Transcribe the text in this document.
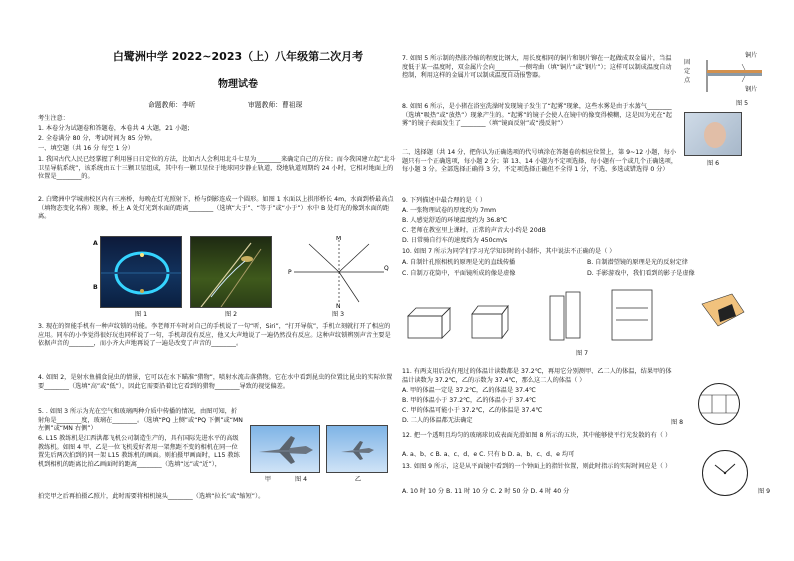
白鹭洲中学 2022~2023（上）八年级第二次月考
物理试卷
命题教师：李昕	审题教师：曹祖琛
考生注意：
1. 本卷分为试题卷和答题卷，本卷共 4 大题，21 小题;
2. 全卷满分 80 分，考试时间为 85 分钟。
一、填空题（共 16 分 每空 1 分）
1. 我国古代人民已经掌握了利用晷日日定位的方法，比如古人会利用北斗七星为________来确定自己的方位；而今我国建立起“北斗卫星导航系统”，该系统由五十三颗卫星组成，其中有一颗卫星位于地球同步静止轨道，绕地轨道周期约 24 小时，它相对地面上的位置是________的。
2. 白鹭洲中学城南校区内有三座桥，每晚在灯光照射下，桥与倒影连成一个圆形。如图 1 水面以上拱形桥长 4m，水面到桥最高点（填物态变化名称）现象，桥上 A 处灯光到水面的距离________（选填“大于”、“等于”或“小于”）水中 B 处灯光的像到水面的距离。
A
B
图 1	图 2
P
Q
M
N
图 3
3. 现在的智能手机有一种声纹锁的功能。李老师开车时对自己的手机说了一句“听，Siri”，“打开导航”，手机立刻就打开了相应的应用。同车的小李觉得很好玩也同样说了一句，手机却没有反应，他又大声地说了一遍仍然没有反应。这种声纹锁辨别声音主要是依据声音的________，而小齐大声地再说了一遍是改变了声音的________。
4. 如图 2，是射水鱼捕食昆虫的情景，它可以在水下瞄准“猎物”，喷射水流击落猎物。它在水中看到昆虫的位置比昆虫的实际位置要________（选填“高”或“低”），因此它需要沿着比它看到的猎物________导致的视觉偏差。
5. . 如图 3 所示为光在空气和玻璃两种介质中传播的情况，由图可知，折射角是________度，玻璃在________。（选填“PQ 上侧”或“PQ 下侧”或“MN 左侧”或“MN 右侧”）
6. L15 教练机是江西洪都飞机公司制造生产的，具有国际先进水平的高级教练机。如图 4 甲、乙是一位飞机爱好者用一架焦距不变的相机在同一位置先后两次拍到的同一架 L15 教练机的画面。则拍摄甲画面时，L15 教练机到相机的距离比拍乙画面时的距离________（选填“远”或“近”），
甲	图 4	乙
拍完甲之后再拍摄乙照片，此时需要将相机镜头________（选填“拉长”或“缩短”）。
7. 如图 5 所示制的热胀冷缩的程度比钢大，用长度相同的铜片和钢片铆在一起做成双金属片，当温度低于某一温度时，双金属片会向________一侧弯曲（填“铜片”或“钢片”）；这样可以制成温度自动控制，利用这样的金属片可以制成温度自动报警器。
铜片
钢片
固定点
图 5
8. 如图 6 所示，是小猪在浴室洗澡时发现镜子发生了“起雾”现象，这些水雾是由于水蒸气________（选填“吸热”或“放热”）现象产生的。“起雾”的镜子会使人在镜中的像变得模糊，这是因为光在“起雾”的镜子表面发生了________（填“镜面反射”或“漫反射”）
图 6
二、选择题（共 14 分，把你认为正确选项的代号填涂在答题卷的相应位置上，第 9~12 小题，每小题只有一个正确选项，每小题 2 分；第 13、14 小题为不定项选择，每小题有一个或几个正确选项，每小题 3 分。全部选择正确得 3 分，不定项选择正确但不全得 1 分，不选、多选或错选得 0 分）
9. 下列描述中最合理的是（ ）
A. 一张物理试卷的厚度约为 7mm
B. 人感觉舒适的环境温度约为 36.8℃
C. 老师在教室里上课时，正常的声音大小约是 20dB
D. 日常骑自行车的速度约为 450cm/s
10. 如图 7 所示为同学们学习光学知识时的小制作，其中说法不正确的是（ ）
A. 自制针孔照相机的原理是光的直线传播	B. 自制潜望镜的原理是光的反射定律
C. 自制万花筒中，平面镜所成的像是虚像	D. 手影游戏中，我们看到的影子是虚像
图 7
11. 有两支用后没有甩过的体温计读数都是 37.2℃，再用它分别测甲、乙二人的体温，结果甲的体温计读数为 37.2℃，乙的示数为 37.4℃，那么这二人的体温（ ）
A. 甲的体温一定是 37.2℃，乙的体温是 37.4℃
B. 甲的体温小于 37.2℃，乙的体温小于 37.4℃
C. 甲的体温可能小于 37.2℃，乙的体温是 37.4℃
D. 二人的体温都无法确定	图 8
12. 把一个透明且均匀的玻璃球切成表面光滑如图 8 所示的五块，其中能够使平行光发散的有（ ）
A. a、b、c B. a、c、d、e C. 只有 b D. a、b、c、d、e 均可
13. 如图 9 所示，这是从平面镜中看到的一个钟面上的指针位置，则此时指示的实际时间应是（ ）
A. 10 时 10 分 B. 11 时 10 分 C. 2 时 50 分 D. 4 时 40 分	图 9
